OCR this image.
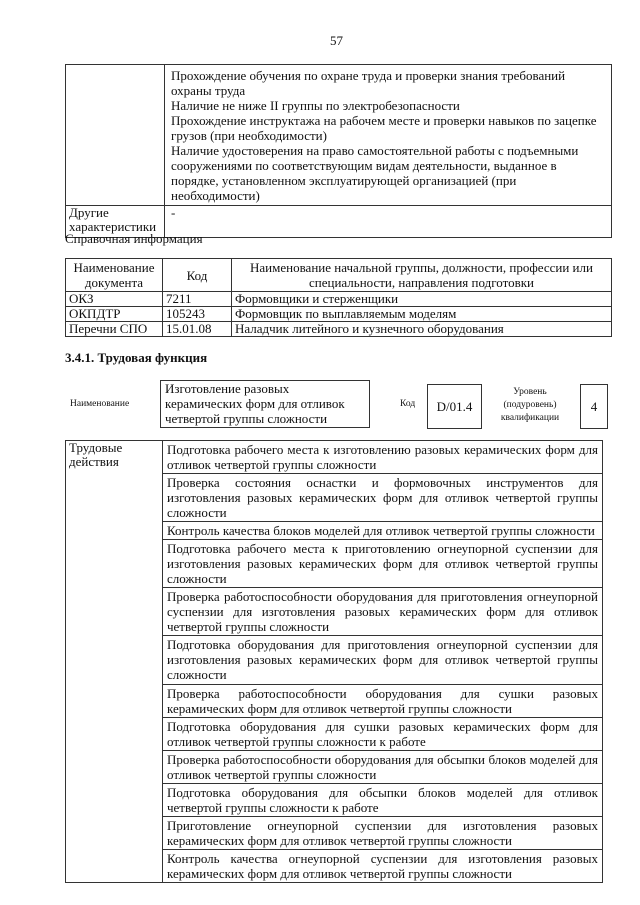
57

	Прохождение обучения по охране труда и проверки знания требований охраны труда
Наличие не ниже II группы по электробезопасности
Прохождение инструктажа на рабочем месте и проверки навыков по зацепке грузов (при необходимости)
Наличие удостоверения на право самостоятельной работы с подъемными сооружениями по соответствующим видам деятельности, выданное в порядке, установленном эксплуатирующей организацией (при необходимости)

Другие характеристики	-
Справочная информация
Наименование документа	Код	Наименование начальной группы, должности, профессии или специальности, направления подготовки
ОКЗ	7211	Формовщики и стерженщики
ОКПДТР	105243	Формовщик по выплавляемым моделям
Перечни СПО	15.01.08	Наладчик литейного и кузнечного оборудования
3.4.1. Трудовая функция
Наименование
Изготовление разовых керамических форм для отливок четвертой группы сложности
Код	D/01.4
Уровень (подуровень) квалификации
4
Трудовые действия	Подготовка рабочего места к изготовлению разовых керамических форм для отливок четвертой группы сложности
Проверка состояния оснастки и формовочных инструментов для изготовления разовых керамических форм для отливок четвертой группы сложности
Контроль качества блоков моделей для отливок четвертой группы сложности
Подготовка рабочего места к приготовлению огнеупорной суспензии для изготовления разовых керамических форм для отливок четвертой группы сложности
Проверка работоспособности оборудования для приготовления огнеупорной суспензии для изготовления разовых керамических форм для отливок четвертой группы сложности
Подготовка оборудования для приготовления огнеупорной суспензии для изготовления разовых керамических форм для отливок четвертой группы сложности
Проверка работоспособности оборудования для сушки разовых керамических форм для отливок четвертой группы сложности
Подготовка оборудования для сушки разовых керамических форм для отливок четвертой группы сложности к работе
Проверка работоспособности оборудования для обсыпки блоков моделей для отливок четвертой группы сложности
Подготовка оборудования для обсыпки блоков моделей для отливок четвертой группы сложности к работе
Приготовление огнеупорной суспензии для изготовления разовых керамических форм для отливок четвертой группы сложности
Контроль качества огнеупорной суспензии для изготовления разовых керамических форм для отливок четвертой группы сложности
